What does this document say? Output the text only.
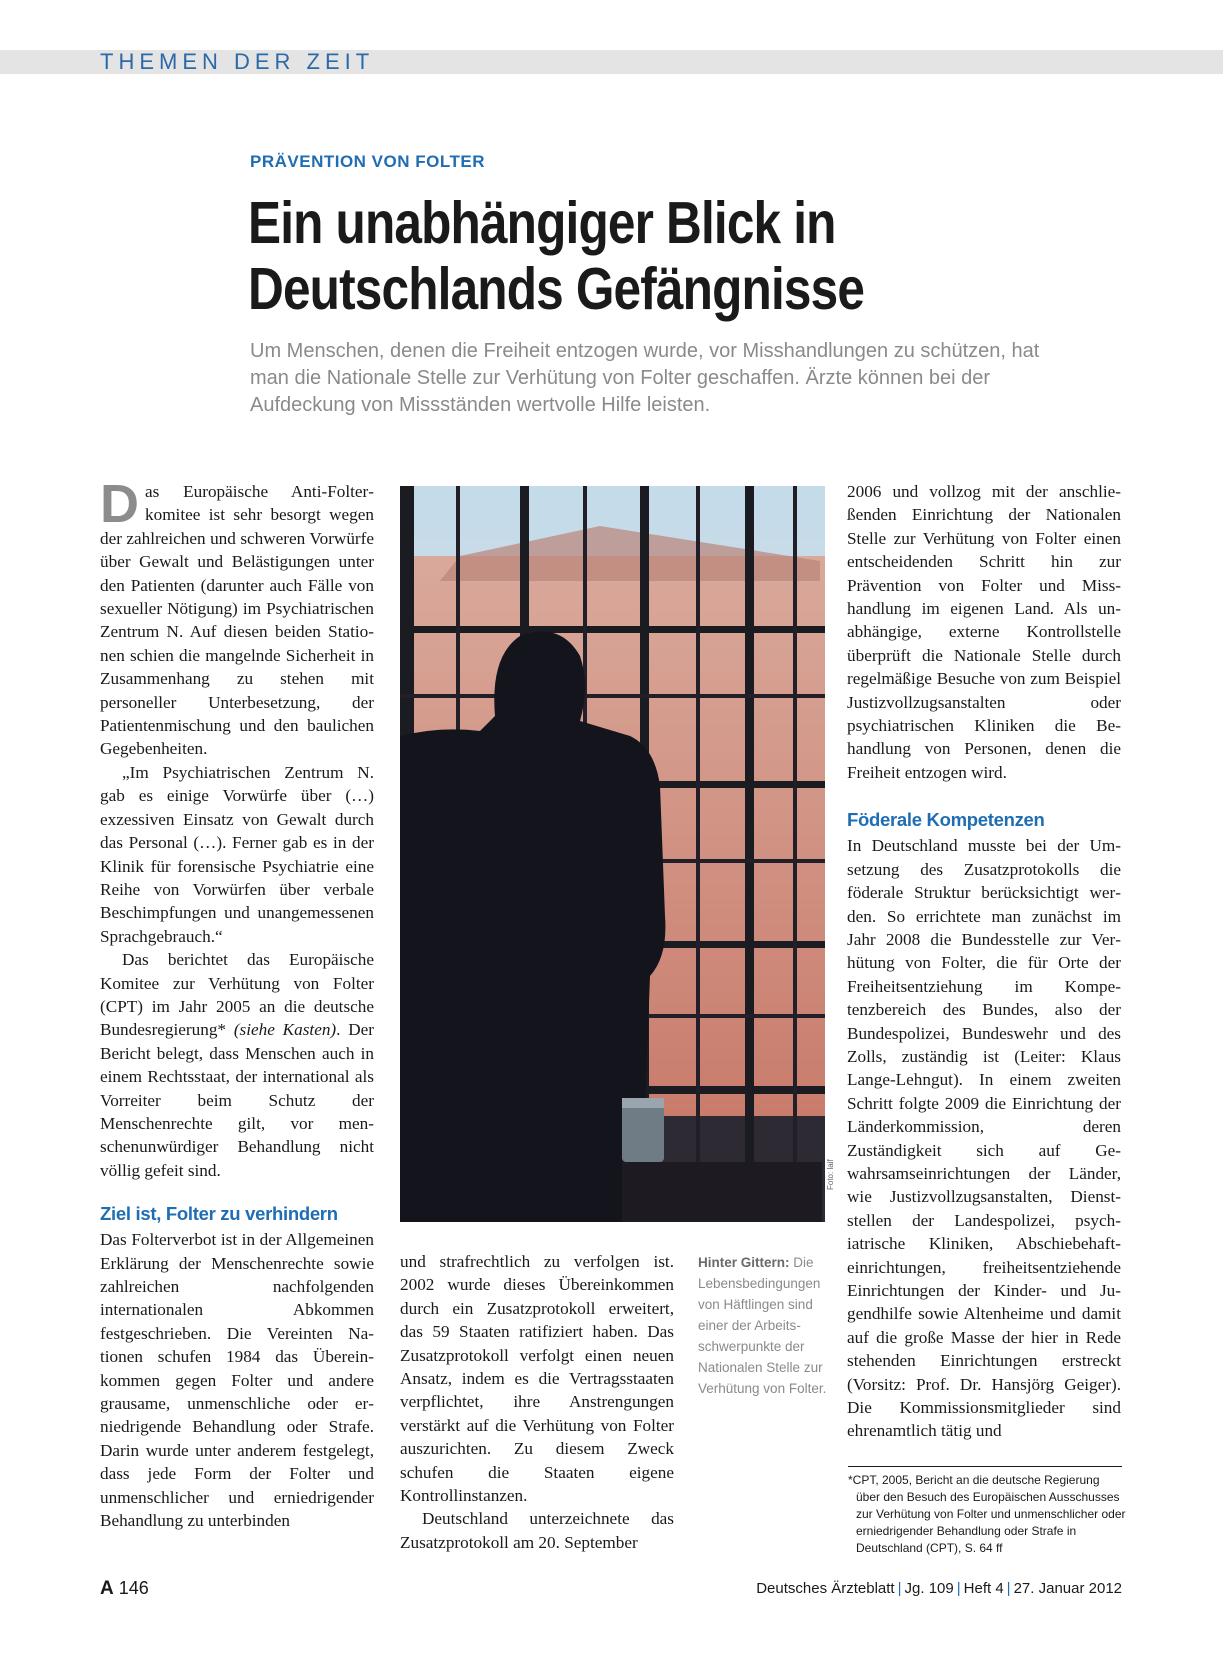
THEMEN DER ZEIT
PRÄVENTION VON FOLTER
Ein unabhängiger Blick in
Deutschlands Gefängnisse
Um Menschen, denen die Freiheit entzogen wurde, vor Misshandlungen zu schützen, hat man die Nationale Stelle zur Verhütung von Folter geschaffen. Ärzte können bei der Aufdeckung von Missständen wertvolle Hilfe leisten.

Das Europäische Anti-Folterkomitee ist sehr besorgt wegen der zahlreichen und schweren Vorwürfe über Gewalt und Belästigungen unter den Patienten (darunter auch Fälle von sexueller Nötigung) im Psychiatrischen Zentrum N. Auf diesen beiden Stationen schien die mangelnde Sicherheit in Zusammenhang zu stehen mit personeller Unterbesetzung, der Patientenmischung und den baulichen Gegebenheiten.

„Im Psychiatrischen Zentrum N. gab es einige Vorwürfe über (…) exzessiven Einsatz von Gewalt durch das Personal (…). Ferner gab es in der Klinik für forensische Psychiatrie eine Reihe von Vorwürfen über verbale Beschimpfungen und unangemessenen Sprachgebrauch.“

Das berichtet das Europäische Komitee zur Verhütung von Folter (CPT) im Jahr 2005 an die deutsche Bundesregierung* (siehe Kasten). Der Bericht belegt, dass Menschen auch in einem Rechtsstaat, der international als Vorreiter beim Schutz der Menschenrechte gilt, vor menschenunwürdiger Behandlung nicht völlig gefeit sind.

Ziel ist, Folter zu verhindern

Das Folterverbot ist in der Allgemeinen Erklärung der Menschenrechte sowie zahlreichen nachfolgenden internationalen Abkommen festgeschrieben. Die Vereinten Nationen schufen 1984 das Übereinkommen gegen Folter und andere grausame, unmenschliche oder erniedrigende Behandlung oder Strafe. Darin wurde unter anderem festgelegt, dass jede Form der Folter und unmenschlicher und erniedrigender Behandlung zu unterbinden

Foto: laif
Hinter Gittern: Die Lebensbedingungen von Häftlingen sind einer der Arbeitsschwerpunkte der Nationalen Stelle zur Verhütung von Folter.

und strafrechtlich zu verfolgen ist. 2002 wurde dieses Übereinkommen durch ein Zusatzprotokoll erweitert, das 59 Staaten ratifiziert haben. Das Zusatzprotokoll verfolgt einen neuen Ansatz, indem es die Vertragsstaaten verpflichtet, ihre Anstrengungen verstärkt auf die Verhütung von Folter auszurichten. Zu diesem Zweck schufen die Staaten eigene Kontrollinstanzen.

Deutschland unterzeichnete das Zusatzprotokoll am 20. September

2006 und vollzog mit der anschließenden Einrichtung der Nationalen Stelle zur Verhütung von Folter einen entscheidenden Schritt hin zur Prävention von Folter und Misshandlung im eigenen Land. Als unabhängige, externe Kontrollstelle überprüft die Nationale Stelle durch regelmäßige Besuche von zum Beispiel Justizvollzugsanstalten oder psychiatrischen Kliniken die Behandlung von Personen, denen die Freiheit entzogen wird.

Föderale Kompetenzen

In Deutschland musste bei der Umsetzung des Zusatzprotokolls die föderale Struktur berücksichtigt werden. So errichtete man zunächst im Jahr 2008 die Bundesstelle zur Verhütung von Folter, die für Orte der Freiheitsentziehung im Kompetenzbereich des Bundes, also der Bundespolizei, Bundeswehr und des Zolls, zuständig ist (Leiter: Klaus Lange-Lehngut). In einem zweiten Schritt folgte 2009 die Einrichtung der Länderkommission, deren Zuständigkeit sich auf Gewahrsamseinrichtungen der Länder, wie Justizvollzugsanstalten, Dienststellen der Landespolizei, psychiatrische Kliniken, Abschiebehafteinrichtungen, freiheitsentziehende Einrichtungen der Kinder- und Jugendhilfe sowie Altenheime und damit auf die große Masse der hier in Rede stehenden Einrichtungen erstreckt (Vorsitz: Prof. Dr. Hansjörg Geiger). Die Kommissionsmitglieder sind ehrenamtlich tätig und

*CPT, 2005, Bericht an die deutsche Regierung
über den Besuch des Europäischen Ausschusses zur Verhütung von Folter und unmenschlicher oder erniedrigender Behandlung oder Strafe in Deutschland (CPT), S. 64 ff
A 146	Deutsches Ärzteblatt | Jg. 109 | Heft 4 | 27. Januar 2012
